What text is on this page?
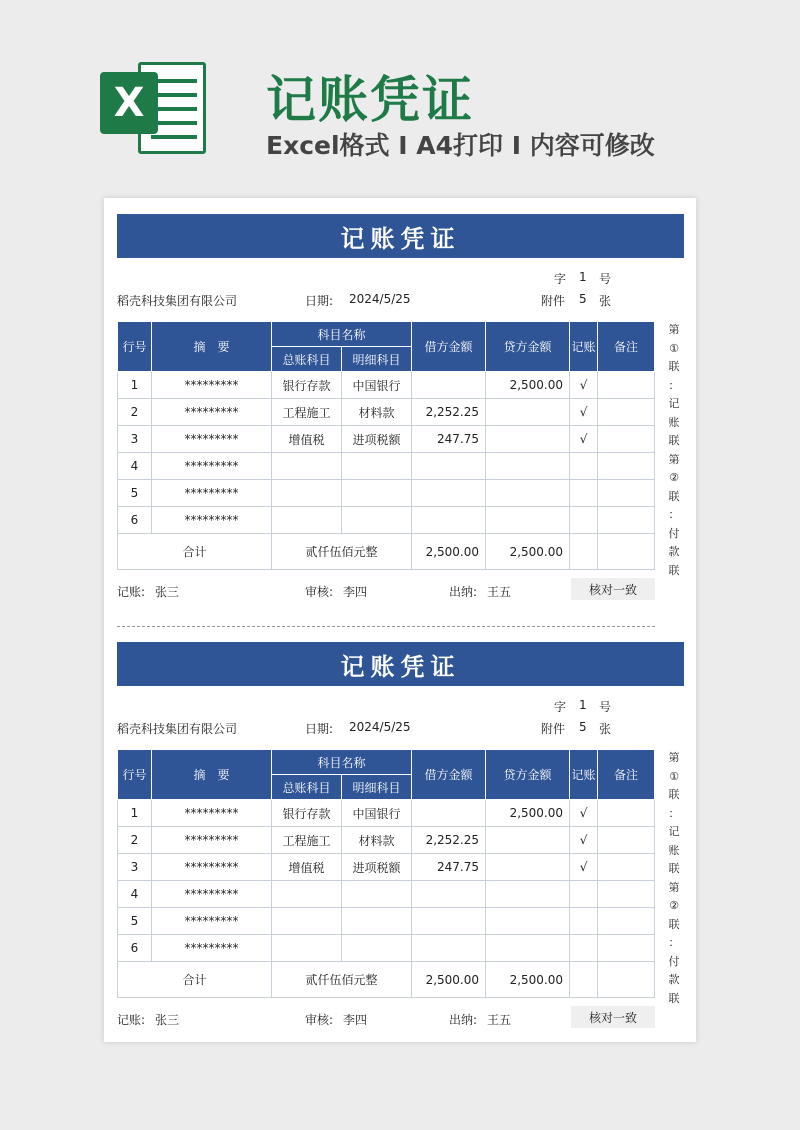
X 记账凭证
Excel格式 Ⅰ A4打印 Ⅰ 内容可修改
记账凭证
字 1 号
稻壳科技集团有限公司	日期: 2024/5/25	附件 5 张
行号	摘　要	科目名称		借方金额	贷方金额	记账	备注
		总账科目	明细科目				
1	*********	银行存款	中国银行		2,500.00	√	
2	*********	工程施工	材料款	2,252.25		√	
3	*********	增值税	进项税额	247.75		√	
4	*********						
5	*********						
6	*********						
合计		贰仟伍佰元整		2,500.00	2,500.00		
第
①
联
：
记
账
联
第
②
联
：
付
款
联
记账: 张三	审核: 李四	出纳: 王五	核对一致
记账凭证
字 1 号
稻壳科技集团有限公司	日期: 2024/5/25	附件 5 张
行号	摘　要	科目名称		借方金额	贷方金额	记账	备注
		总账科目	明细科目				
1	*********	银行存款	中国银行		2,500.00	√	
2	*********	工程施工	材料款	2,252.25		√	
3	*********	增值税	进项税额	247.75		√	
4	*********						
5	*********						
6	*********						
合计		贰仟伍佰元整		2,500.00	2,500.00		
第
①
联
：
记
账
联
第
②
联
：
付
款
联
记账: 张三	审核: 李四	出纳: 王五	核对一致
